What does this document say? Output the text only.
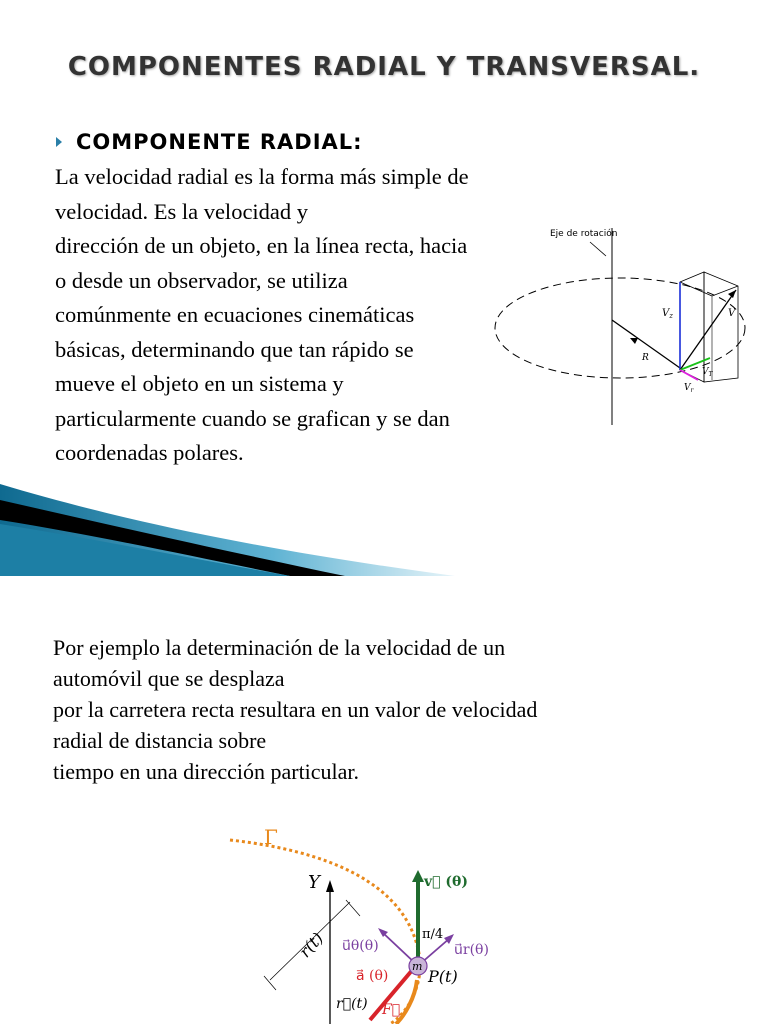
COMPONENTES RADIAL Y TRANSVERSAL.
COMPONENTE RADIAL:
La velocidad radial es la forma más simple de
velocidad. Es la velocidad y
dirección de un objeto, en la línea recta, hacia
o desde un observador, se utiliza
comúnmente en ecuaciones cinemáticas
básicas, determinando que tan rápido se
mueve el objeto en un sistema y
particularmente cuando se grafican y se dan
coordenadas polares.
Eje de rotación
$V_z$	V
R
$V_T$
$V_r$
Por ejemplo la determinación de la velocidad de un
automóvil que se desplaza
por la carretera recta resultara en un valor de velocidad
radial de distancia sobre
tiempo en una dirección particular.
Γ
Y
r(t)
v⃗ (θ)
π/4
u⃗θ(θ)	u⃗r(θ)
a⃗ (θ)
m
P(t)
r⃗(t) F⃗
